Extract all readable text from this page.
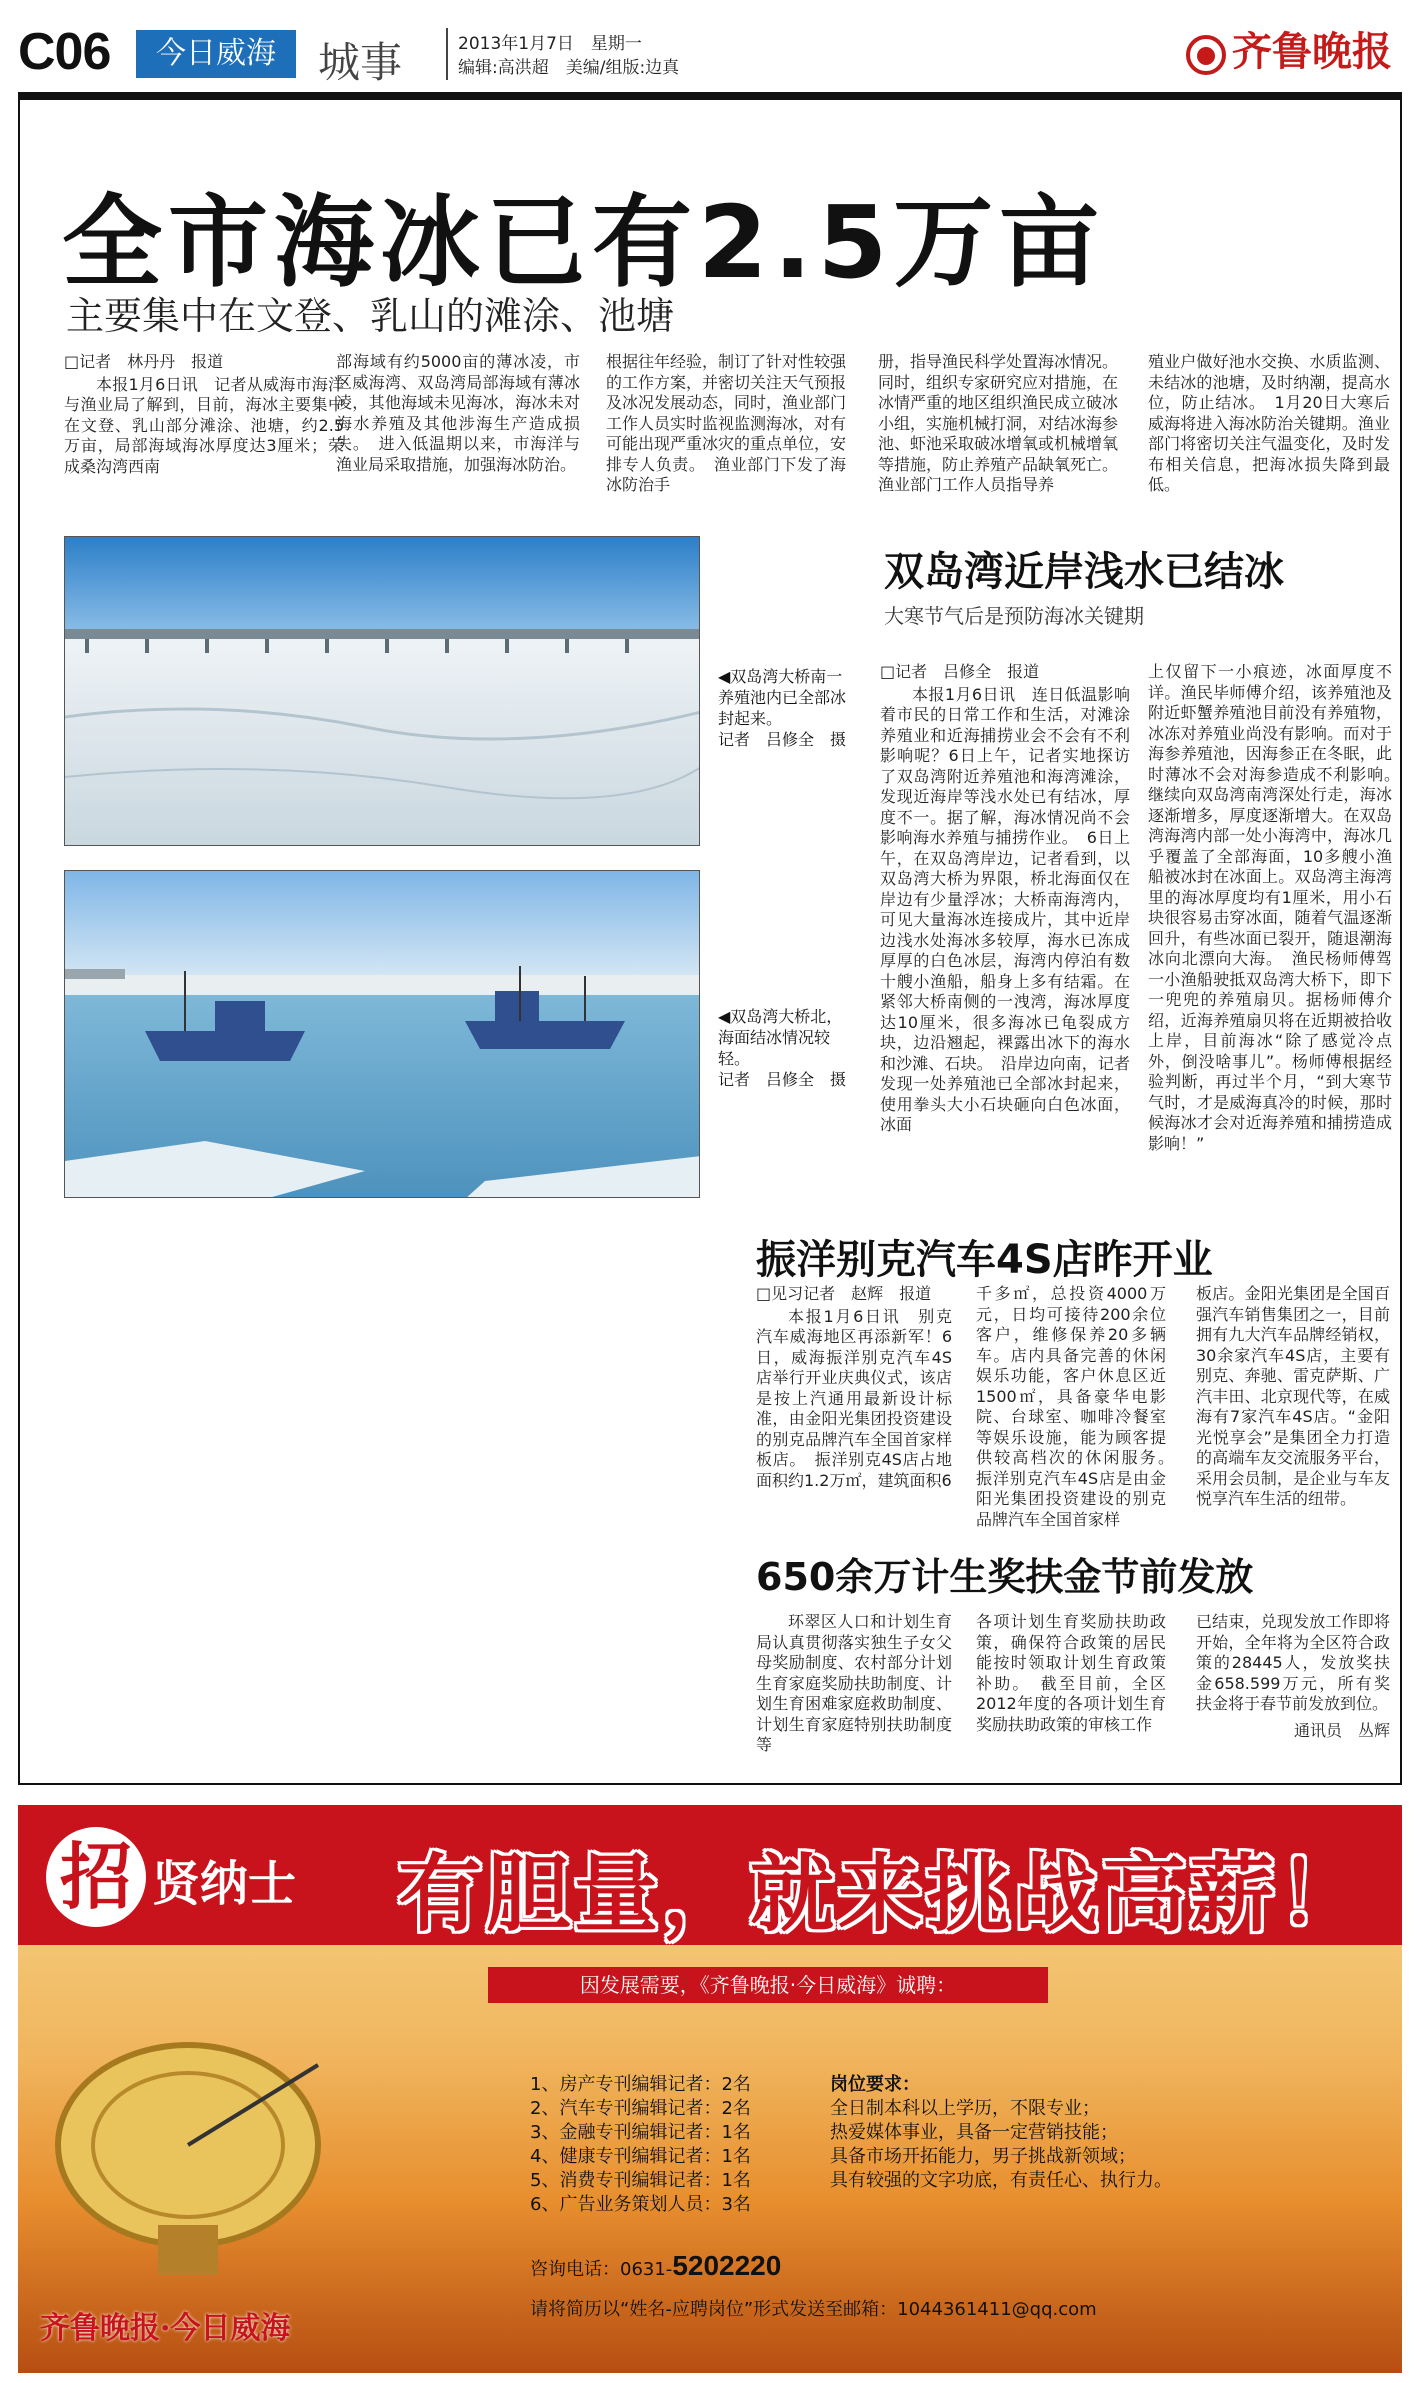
C06	今日威海	城事	2013年1月7日　星期一
编辑:高洪超　美编/组版:边真	齐鲁晚报
全市海冰已有2.5万亩
主要集中在文登、乳山的滩涂、池塘
□记者　林丹丹　报道
本报1月6日讯　记者从威海市海洋与渔业局了解到，目前，海冰主要集中在文登、乳山部分滩涂、池塘，约2.5万亩，局部海域海冰厚度达3厘米；荣成桑沟湾西南
部海域有约5000亩的薄冰凌，市区威海湾、双岛湾局部海域有薄冰凌，其他海域未见海冰，海冰未对海水养殖及其他涉海生产造成损失。　进入低温期以来，市海洋与渔业局采取措施，加强海冰防治。
根据往年经验，制订了针对性较强的工作方案，并密切关注天气预报及冰况发展动态，同时，渔业部门工作人员实时监视监测海冰，对有可能出现严重冰灾的重点单位，安排专人负责。　渔业部门下发了海冰防治手
册，指导渔民科学处置海冰情况。同时，组织专家研究应对措施，在冰情严重的地区组织渔民成立破冰小组，实施机械打洞，对结冰海参池、虾池采取破冰增氧或机械增氧等措施，防止养殖产品缺氧死亡。渔业部门工作人员指导养
殖业户做好池水交换、水质监测、未结冰的池塘，及时纳潮，提高水位，防止结冰。　1月20日大寒后威海将进入海冰防治关键期。渔业部门将密切关注气温变化，及时发布相关信息，把海冰损失降到最低。
◀双岛湾大桥南一养殖池内已全部冰封起来。
记者　吕修全　摄
◀双岛湾大桥北，海面结冰情况较轻。
记者　吕修全　摄
双岛湾近岸浅水已结冰
大寒节气后是预防海冰关键期
□记者　吕修全　报道
本报1月6日讯　连日低温影响着市民的日常工作和生活，对滩涂养殖业和近海捕捞业会不会有不利影响呢？6日上午，记者实地探访了双岛湾附近养殖池和海湾滩涂，发现近海岸等浅水处已有结冰，厚度不一。据了解，海冰情况尚不会影响海水养殖与捕捞作业。　6日上午，在双岛湾岸边，记者看到，以双岛湾大桥为界限，桥北海面仅在岸边有少量浮冰；大桥南海湾内，可见大量海冰连接成片，其中近岸边浅水处海冰多较厚，海水已冻成厚厚的白色冰层，海湾内停泊有数十艘小渔船，船身上多有结霜。在紧邻大桥南侧的一洩湾，海冰厚度达10厘米，很多海冰已龟裂成方块，边沿翘起，裸露出冰下的海水和沙滩、石块。　沿岸边向南，记者发现一处养殖池已全部冰封起来，使用拳头大小石块砸向白色冰面，冰面
上仅留下一小痕迹，冰面厚度不详。渔民毕师傅介绍，该养殖池及附近虾蟹养殖池目前没有养殖物，冰冻对养殖业尚没有影响。而对于海参养殖池，因海参正在冬眠，此时薄冰不会对海参造成不利影响。　继续向双岛湾南湾深处行走，海冰逐渐增多，厚度逐渐增大。在双岛湾海湾内部一处小海湾中，海冰几乎覆盖了全部海面，10多艘小渔船被冰封在冰面上。双岛湾主海湾里的海冰厚度均有1厘米，用小石块很容易击穿冰面，随着气温逐渐回升，有些冰面已裂开，随退潮海冰向北漂向大海。　渔民杨师傅驾一小渔船驶抵双岛湾大桥下，即下一兜兜的养殖扇贝。据杨师傅介绍，近海养殖扇贝将在近期被拾收上岸，目前海冰“除了感觉冷点外，倒没啥事儿”。杨师傅根据经验判断，再过半个月，“到大寒节气时，才是威海真冷的时候，那时候海冰才会对近海养殖和捕捞造成影响！”
振洋别克汽车4S店昨开业
□见习记者　赵辉　报道
本报1月6日讯　别克汽车威海地区再添新军！6日，威海振洋别克汽车4S店举行开业庆典仪式，该店是按上汽通用最新设计标准，由金阳光集团投资建设的别克品牌汽车全国首家样板店。　振洋别克4S店占地面积约1.2万㎡，建筑面积6
千多㎡，总投资4000万元，日均可接待200余位客户，维修保养20多辆车。店内具备完善的休闲娱乐功能，客户休息区近1500㎡，具备豪华电影院、台球室、咖啡冷餐室等娱乐设施，能为顾客提供较高档次的休闲服务。　振洋别克汽车4S店是由金阳光集团投资建设的别克品牌汽车全国首家样
板店。金阳光集团是全国百强汽车销售集团之一，目前拥有九大汽车品牌经销权，30余家汽车4S店，主要有别克、奔驰、雷克萨斯、广汽丰田、北京现代等，在威海有7家汽车4S店。“金阳光悦享会”是集团全力打造的高端车友交流服务平台，采用会员制，是企业与车友悦享汽车生活的纽带。
650余万计生奖扶金节前发放
环翠区人口和计划生育局认真贯彻落实独生子女父母奖励制度、农村部分计划生育家庭奖励扶助制度、计划生育困难家庭救助制度、计划生育家庭特别扶助制度等
各项计划生育奖励扶助政策，确保符合政策的居民能按时领取计划生育政策补助。　截至目前，全区2012年度的各项计划生育奖励扶助政策的审核工作
已结束，兑现发放工作即将开始，全年将为全区符合政策的28445人，发放奖扶金658.599万元，所有奖扶金将于春节前发放到位。
通讯员　丛辉
招 贤纳士 有胆量，就来挑战高薪！
因发展需要，《齐鲁晚报·今日威海》诚聘：
1、房产专刊编辑记者：2名
2、汽车专刊编辑记者：2名
3、金融专刊编辑记者：1名
4、健康专刊编辑记者：1名
5、消费专刊编辑记者：1名
6、广告业务策划人员：3名
岗位要求：
全日制本科以上学历，不限专业；
热爱媒体事业，具备一定营销技能；
具备市场开拓能力，男子挑战新领域；
具有较强的文字功底，有责任心、执行力。
咨询电话：0631-5202220
请将简历以“姓名-应聘岗位”形式发送至邮箱：1044361411@qq.com
齐鲁晚报·今日威海
